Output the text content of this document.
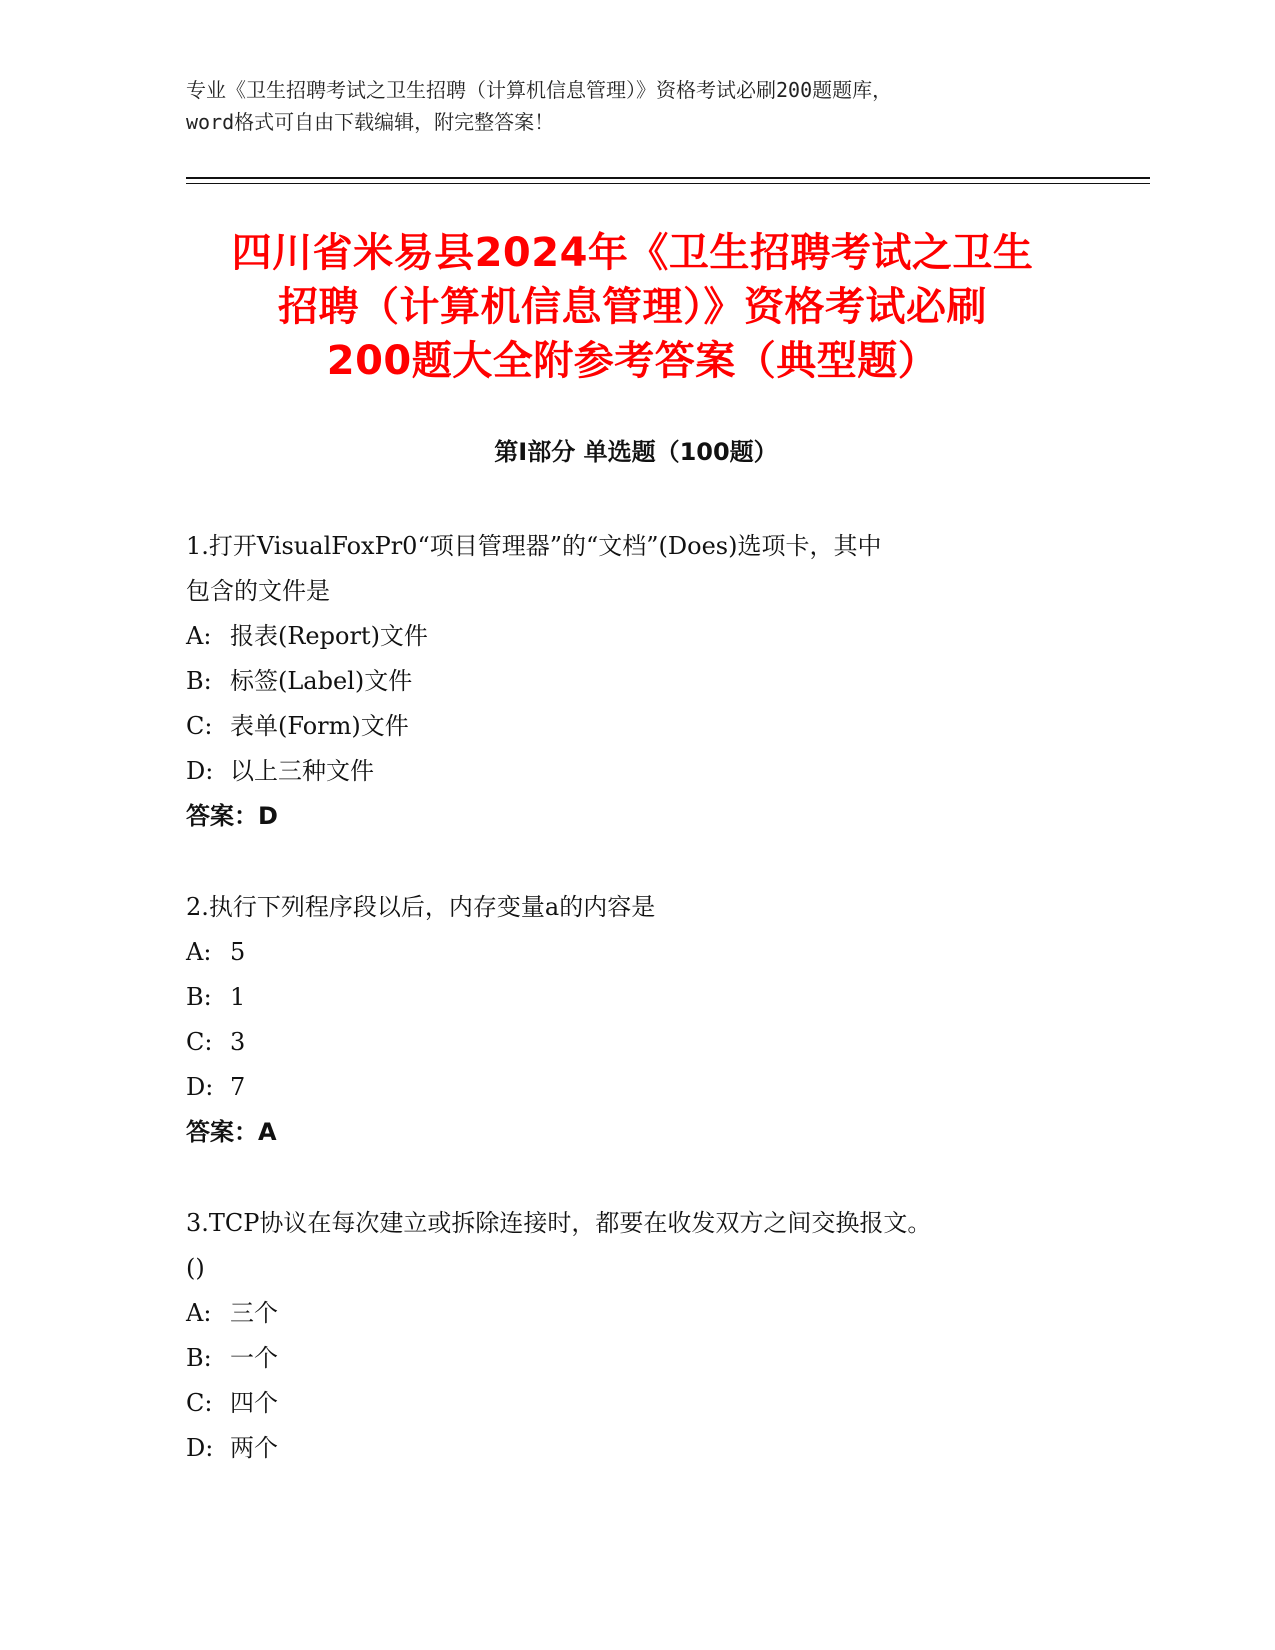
专业《卫生招聘考试之卫生招聘（计算机信息管理）》资格考试必刷200题题库，
word格式可自由下载编辑，附完整答案！
四川省米易县2024年《卫生招聘考试之卫生
招聘（计算机信息管理）》资格考试必刷
200题大全附参考答案（典型题）
第Ⅰ部分 单选题（100题）
1.打开VisualFoxPr0“项目管理器”的“文档”(Does)选项卡，其中
包含的文件是
A: 报表(Report)文件
B: 标签(Label)文件
C: 表单(Form)文件
D: 以上三种文件
答案：D
2.执行下列程序段以后，内存变量a的内容是
A: 5
B: 1
C: 3
D: 7
答案：A
3.TCP协议在每次建立或拆除连接时，都要在收发双方之间交换报文。
()
A: 三个
B: 一个
C: 四个
D: 两个
